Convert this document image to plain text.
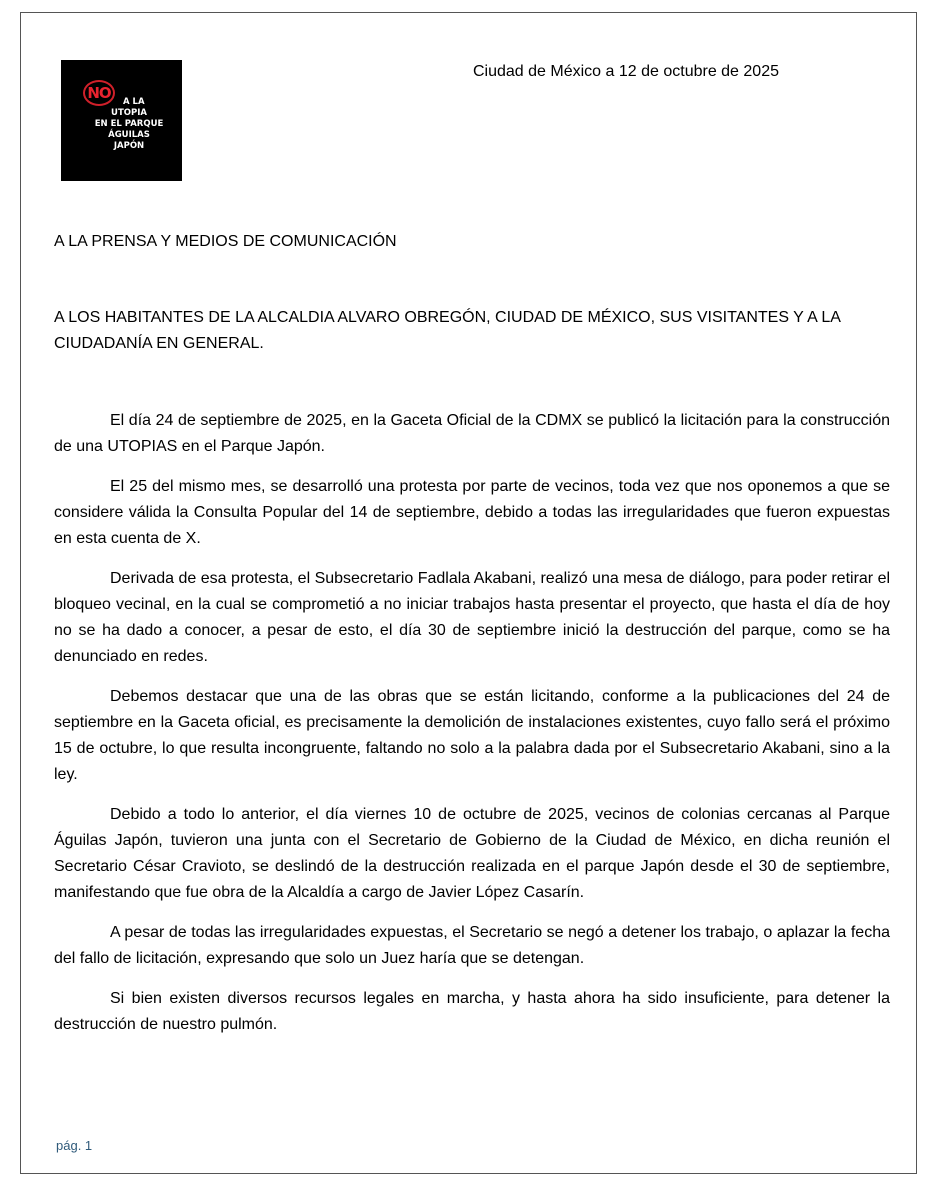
NO	A LA
UTOPIA
EN EL PARQUE
ÁGUILAS
JAPÓN
Ciudad de México a 12 de octubre de 2025
A LA PRENSA Y MEDIOS DE COMUNICACIÓN
A LOS HABITANTES DE LA ALCALDIA ALVARO OBREGÓN, CIUDAD DE MÉXICO, SUS VISITANTES Y A LA CIUDADANÍA EN GENERAL.

El día 24 de septiembre de 2025, en la Gaceta Oficial de la CDMX se publicó la licitación para la construcción de una UTOPIAS en el Parque Japón.

El 25 del mismo mes, se desarrolló una protesta por parte de vecinos, toda vez que nos oponemos a que se considere válida la Consulta Popular del 14 de septiembre, debido a todas las irregularidades que fueron expuestas en esta cuenta de X.

Derivada de esa protesta, el Subsecretario Fadlala Akabani, realizó una mesa de diálogo, para poder retirar el bloqueo vecinal, en la cual se comprometió a no iniciar trabajos hasta presentar el proyecto, que hasta el día de hoy no se ha dado a conocer, a pesar de esto, el día 30 de septiembre inició la destrucción del parque, como se ha denunciado en redes.

Debemos destacar que una de las obras que se están licitando, conforme a la publicaciones del 24 de septiembre en la Gaceta oficial, es precisamente la demolición de instalaciones existentes, cuyo fallo será el próximo 15 de octubre, lo que resulta incongruente, faltando no solo a la palabra dada por el Subsecretario Akabani, sino a la ley.

Debido a todo lo anterior, el día viernes 10 de octubre de 2025, vecinos de colonias cercanas al Parque Águilas Japón, tuvieron una junta con el Secretario de Gobierno de la Ciudad de México, en dicha reunión el Secretario César Cravioto, se deslindó de la destrucción realizada en el parque Japón desde el 30 de septiembre, manifestando que fue obra de la Alcaldía a cargo de Javier López Casarín.

A pesar de todas las irregularidades expuestas, el Secretario se negó a detener los trabajo, o aplazar la fecha del fallo de licitación, expresando que solo un Juez haría que se detengan.

Si bien existen diversos recursos legales en marcha, y hasta ahora ha sido insuficiente, para detener la destrucción de nuestro pulmón.

pág. 1
